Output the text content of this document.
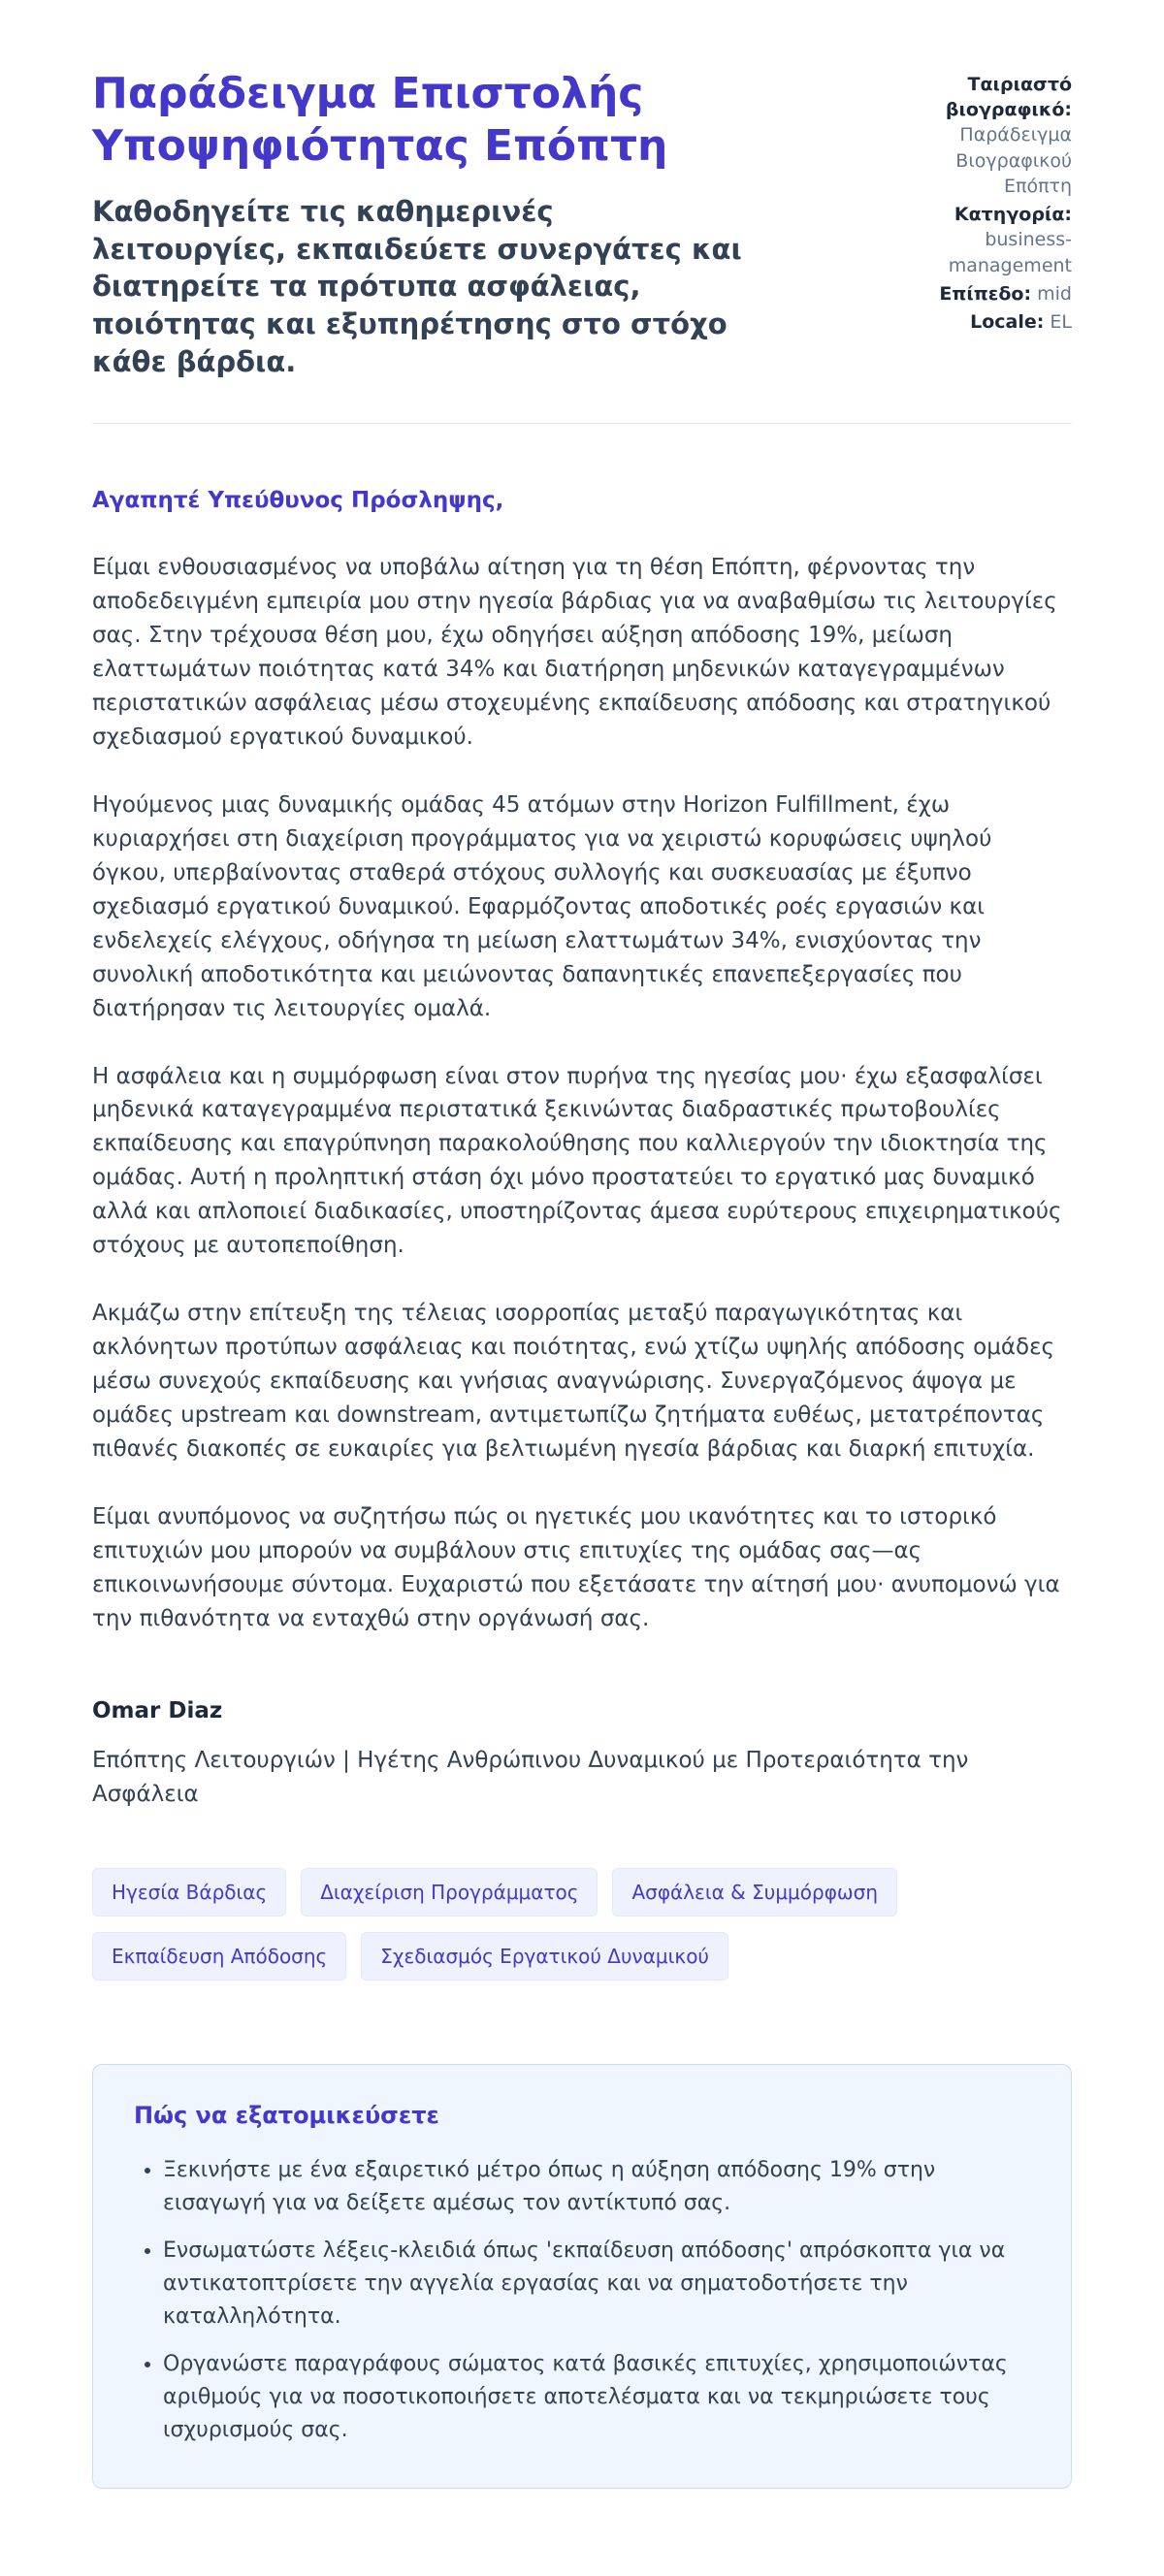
Παράδειγμα Επιστολής Υποψηφιότητας Επόπτη

Καθοδηγείτε τις καθημερινές λειτουργίες, εκπαιδεύετε συνεργάτες και διατηρείτε τα πρότυπα ασφάλειας, ποιότητας και εξυπηρέτησης στο στόχο κάθε βάρδια.

Ταιριαστό βιογραφικό: Παράδειγμα Βιογραφικού Επόπτη
Κατηγορία: business-management
Επίπεδο: mid
Locale: EL

Αγαπητέ Υπεύθυνος Πρόσληψης,

Είμαι ενθουσιασμένος να υποβάλω αίτηση για τη θέση Επόπτη, φέρνοντας την αποδεδειγμένη εμπειρία μου στην ηγεσία βάρδιας για να αναβαθμίσω τις λειτουργίες σας. Στην τρέχουσα θέση μου, έχω οδηγήσει αύξηση απόδοσης 19%, μείωση ελαττωμάτων ποιότητας κατά 34% και διατήρηση μηδενικών καταγεγραμμένων περιστατικών ασφάλειας μέσω στοχευμένης εκπαίδευσης απόδοσης και στρατηγικού σχεδιασμού εργατικού δυναμικού.

Ηγούμενος μιας δυναμικής ομάδας 45 ατόμων στην Horizon Fulfillment, έχω κυριαρχήσει στη διαχείριση προγράμματος για να χειριστώ κορυφώσεις υψηλού όγκου, υπερβαίνοντας σταθερά στόχους συλλογής και συσκευασίας με έξυπνο σχεδιασμό εργατικού δυναμικού. Εφαρμόζοντας αποδοτικές ροές εργασιών και ενδελεχείς ελέγχους, οδήγησα τη μείωση ελαττωμάτων 34%, ενισχύοντας την συνολική αποδοτικότητα και μειώνοντας δαπανητικές επανεπεξεργασίες που διατήρησαν τις λειτουργίες ομαλά.

Η ασφάλεια και η συμμόρφωση είναι στον πυρήνα της ηγεσίας μου· έχω εξασφαλίσει μηδενικά καταγεγραμμένα περιστατικά ξεκινώντας διαδραστικές πρωτοβουλίες εκπαίδευσης και επαγρύπνηση παρακολούθησης που καλλιεργούν την ιδιοκτησία της ομάδας. Αυτή η προληπτική στάση όχι μόνο προστατεύει το εργατικό μας δυναμικό αλλά και απλοποιεί διαδικασίες, υποστηρίζοντας άμεσα ευρύτερους επιχειρηματικούς στόχους με αυτοπεποίθηση.

Ακμάζω στην επίτευξη της τέλειας ισορροπίας μεταξύ παραγωγικότητας και ακλόνητων προτύπων ασφάλειας και ποιότητας, ενώ χτίζω υψηλής απόδοσης ομάδες μέσω συνεχούς εκπαίδευσης και γνήσιας αναγνώρισης. Συνεργαζόμενος άψογα με ομάδες upstream και downstream, αντιμετωπίζω ζητήματα ευθέως, μετατρέποντας πιθανές διακοπές σε ευκαιρίες για βελτιωμένη ηγεσία βάρδιας και διαρκή επιτυχία.

Είμαι ανυπόμονος να συζητήσω πώς οι ηγετικές μου ικανότητες και το ιστορικό επιτυχιών μου μπορούν να συμβάλουν στις επιτυχίες της ομάδας σας—ας επικοινωνήσουμε σύντομα. Ευχαριστώ που εξετάσατε την αίτησή μου· ανυπομονώ για την πιθανότητα να ενταχθώ στην οργάνωσή σας.

Omar Diaz

Επόπτης Λειτουργιών | Ηγέτης Ανθρώπινου Δυναμικού με Προτεραιότητα την Ασφάλεια

Ηγεσία Βάρδιας	Διαχείριση Προγράμματος	Ασφάλεια & Συμμόρφωση
Εκπαίδευση Απόδοσης	Σχεδιασμός Εργατικού Δυναμικού
Πώς να εξατομικεύσετε
• Ξεκινήστε με ένα εξαιρετικό μέτρο όπως η αύξηση απόδοσης 19% στην εισαγωγή για να δείξετε αμέσως τον αντίκτυπό σας.
• Ενσωματώστε λέξεις-κλειδιά όπως 'εκπαίδευση απόδοσης' απρόσκοπτα για να αντικατοπτρίσετε την αγγελία εργασίας και να σηματοδοτήσετε την καταλληλότητα.
• Οργανώστε παραγράφους σώματος κατά βασικές επιτυχίες, χρησιμοποιώντας αριθμούς για να ποσοτικοποιήσετε αποτελέσματα και να τεκμηριώσετε τους ισχυρισμούς σας.
